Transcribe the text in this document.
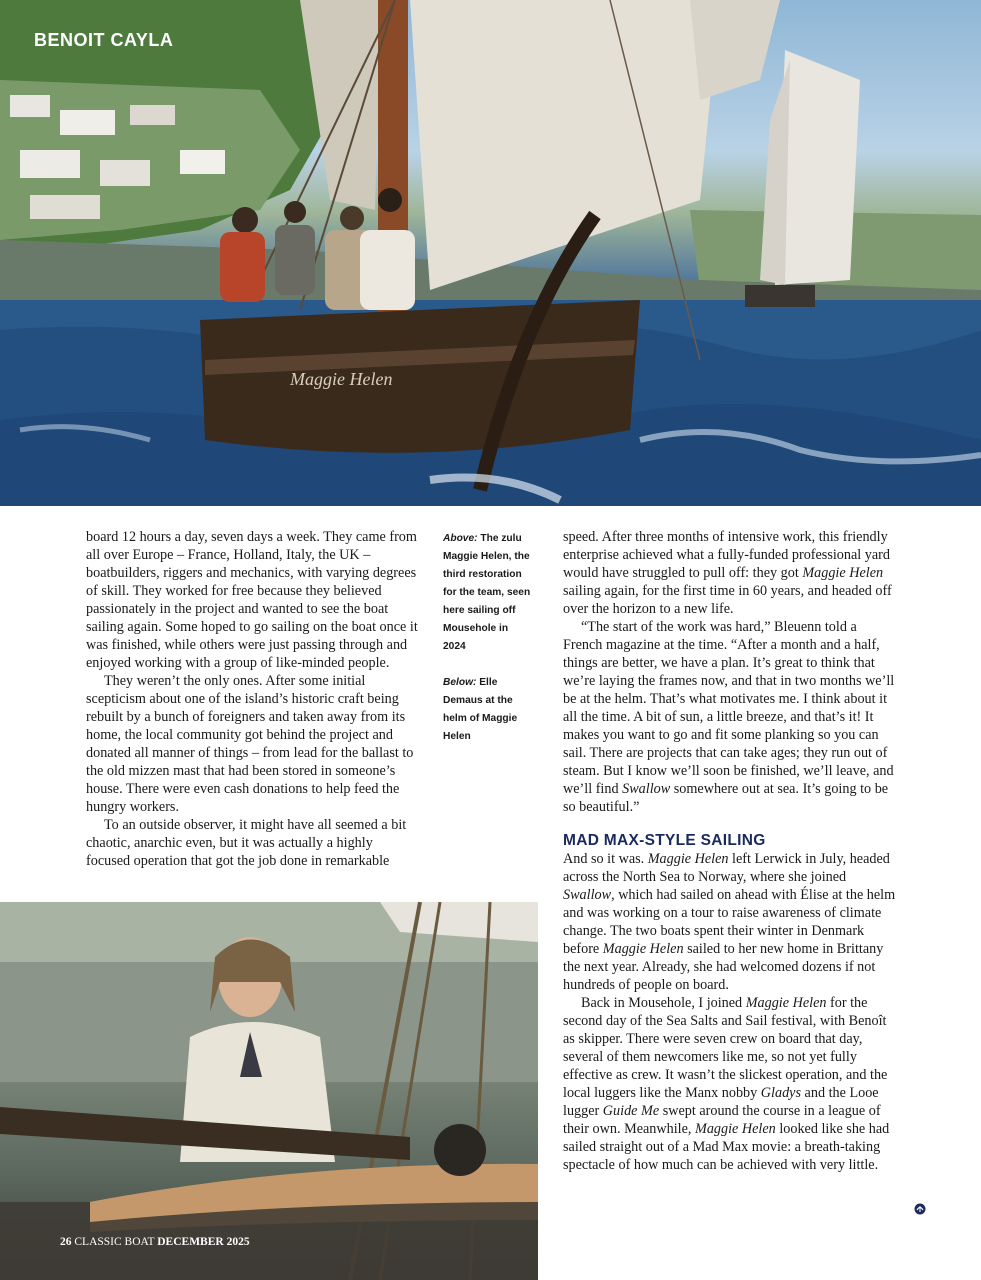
Maggie Helen
BENOIT CAYLA

board 12 hours a day, seven days a week. They came from all over Europe – France, Holland, Italy, the UK – boatbuilders, riggers and mechanics, with varying degrees of skill. They worked for free because they believed passionately in the project and wanted to see the boat sailing again. Some hoped to go sailing on the boat once it was finished, while others were just passing through and enjoyed working with a group of like-minded people.

They weren’t the only ones. After some initial scepticism about one of the island’s historic craft being rebuilt by a bunch of foreigners and taken away from its home, the local community got behind the project and donated all manner of things – from lead for the ballast to the old mizzen mast that had been stored in someone’s house. There were even cash donations to help feed the hungry workers.

To an outside observer, it might have all seemed a bit chaotic, anarchic even, but it was actually a highly focused operation that got the job done in remarkable

Above: The zulu Maggie Helen, the third restoration for the team, seen here sailing off Mousehole in 2024
Below: Elle Demaus at the helm of Maggie Helen

speed. After three months of intensive work, this friendly enterprise achieved what a fully-funded professional yard would have struggled to pull off: they got Maggie Helen sailing again, for the first time in 60 years, and headed off over the horizon to a new life.

“The start of the work was hard,” Bleuenn told a French magazine at the time. “After a month and a half, things are better, we have a plan. It’s great to think that we’re laying the frames now, and that in two months we’ll be at the helm. That’s what motivates me. I think about it all the time. A bit of sun, a little breeze, and that’s it! It makes you want to go and fit some planking so you can sail. There are projects that can take ages; they run out of steam. But I know we’ll soon be finished, we’ll leave, and we’ll find Swallow somewhere out at sea. It’s going to be so beautiful.”

MAD MAX-STYLE SAILING

And so it was. Maggie Helen left Lerwick in July, headed across the North Sea to Norway, where she joined Swallow, which had sailed on ahead with Élise at the helm and was working on a tour to raise awareness of climate change. The two boats spent their winter in Denmark before Maggie Helen sailed to her new home in Brittany the next year. Already, she had welcomed dozens if not hundreds of people on board.

Back in Mousehole, I joined Maggie Helen for the second day of the Sea Salts and Sail festival, with Benoît as skipper. There were seven crew on board that day, several of them newcomers like me, so not yet fully effective as crew. It wasn’t the slickest operation, and the local luggers like the Manx nobby Gladys and the Looe lugger Guide Me swept around the course in a league of their own. Meanwhile, Maggie Helen looked like she had sailed straight out of a Mad Max movie: a breath-taking spectacle of how much can be achieved with very little.

26 CLASSIC BOAT DECEMBER 2025
